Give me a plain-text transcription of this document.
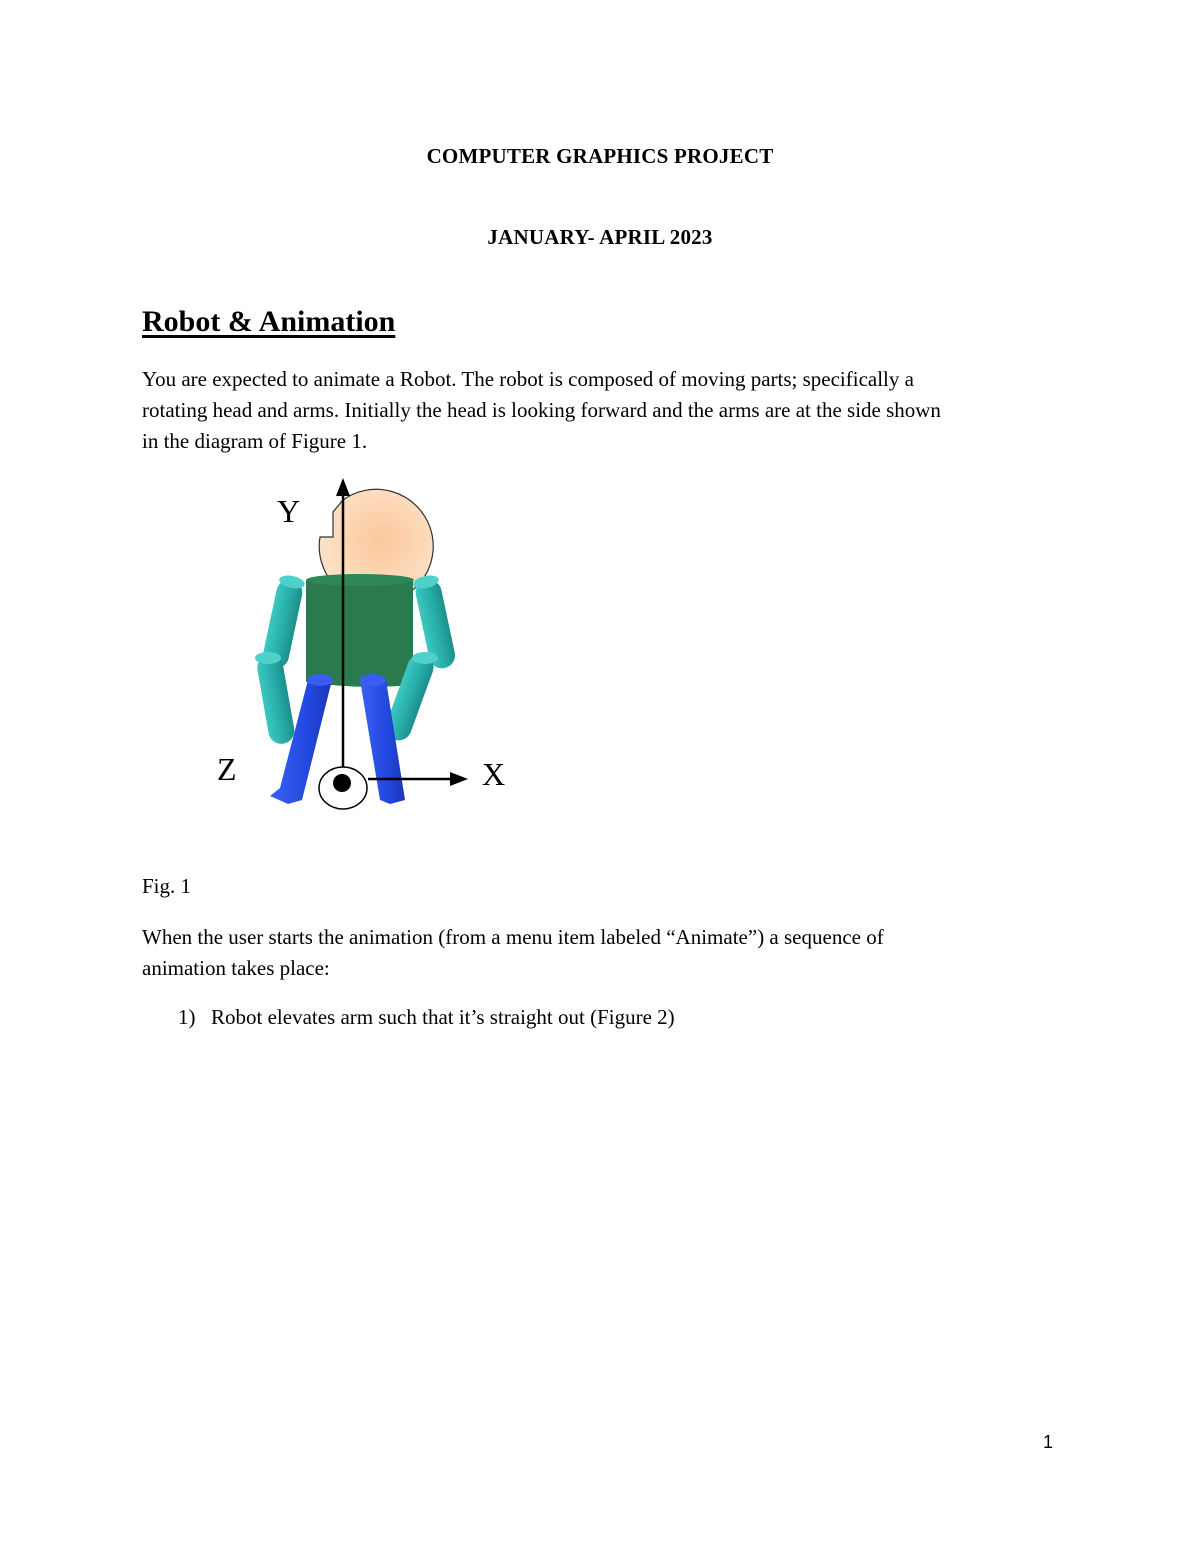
COMPUTER GRAPHICS PROJECT
JANUARY- APRIL 2023
Robot & Animation
You are expected to animate a Robot. The robot is composed of moving parts; specifically a
rotating head and arms. Initially the head is looking forward and the arms are at the side shown
in the diagram of Figure 1.
Y
X
Z
Fig. 1
When the user starts the animation (from a menu item labeled “Animate”) a sequence of
animation takes place:
1) Robot elevates arm such that it’s straight out (Figure 2)
1
